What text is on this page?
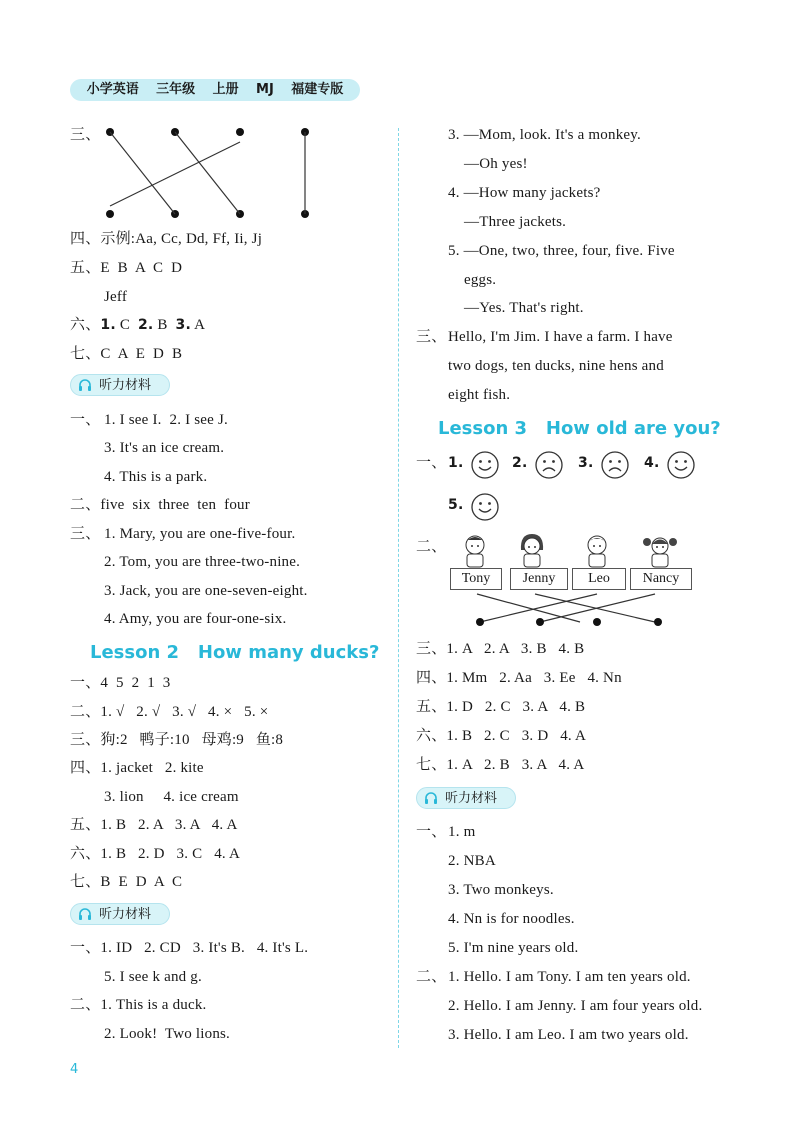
小学英语 三年级 上册 MJ 福建专版
三、
四、示例:Aa, Cc, Dd, Ff, Ii, Jj
五、E  B  A  C  D
Jeff
六、1. C 2. B 3. A
七、C  A  E  D  B
听力材料
一、 1. I see I.  2. I see J.
3. It's an ice cream.
4. This is a park.
二、five  six  three  ten  four
三、 1. Mary, you are one-five-four.
2. Tom, you are three-two-nine.
3. Jack, you are one-seven-eight.
4. Amy, you are four-one-six.
Lesson 2   How many ducks?
一、4  5  2  1  3
二、1. √   2. √   3. √   4. ×   5. ×
三、狗:2   鸭子:10   母鸡:9   鱼:8
四、1. jacket   2. kite
3. lion     4. ice cream
五、1. B   2. A   3. A   4. A
六、1. B   2. D   3. C   4. A
七、B  E  D  A  C
听力材料
一、1. ID   2. CD   3. It's B.   4. It's L.
5. I see k and g.
二、1. This is a duck.
2. Look!  Two lions.
3. —Mom, look. It's a monkey.
—Oh yes!
4. —How many jackets?
—Three jackets.
5. —One, two, three, four, five. Five
eggs.
—Yes. That's right.
三、 Hello, I'm Jim. I have a farm. I have
two dogs, ten ducks, nine hens and
eight fish.
Lesson 3   How old are you?
一、 1.	2.	3.	4.
5.
二、
Tony	Jenny	Leo	Nancy
三、1. A   2. A   3. B   4. B
四、1. Mm   2. Aa   3. Ee   4. Nn
五、1. D   2. C   3. A   4. B
六、1. B   2. C   3. D   4. A
七、1. A   2. B   3. A   4. A
听力材料
一、 1. m
2. NBA
3. Two monkeys.
4. Nn is for noodles.
5. I'm nine years old.
二、 1. Hello. I am Tony. I am ten years old.
2. Hello. I am Jenny. I am four years old.
3. Hello. I am Leo. I am two years old.
4
